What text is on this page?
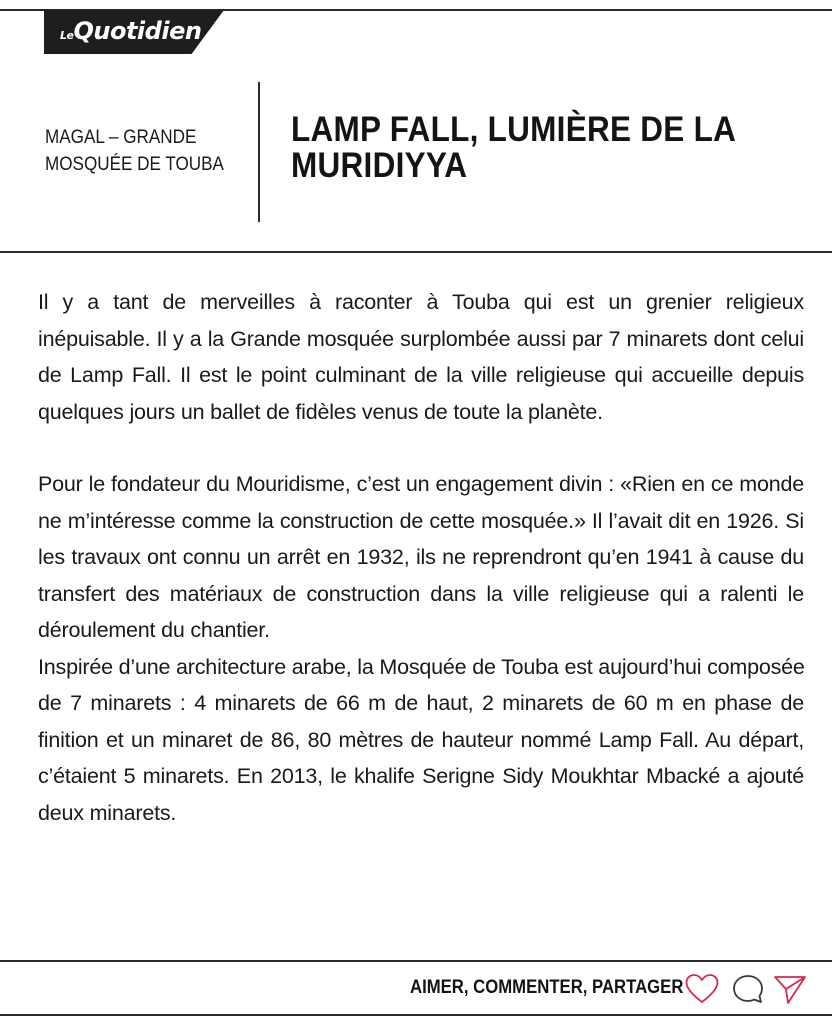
LeQuotidien
MAGAL – GRANDE
MOSQUÉE DE TOUBA
LAMP FALL, LUMIÈRE DE LA
MURIDIYYA
Il y a tant de merveilles à raconter à Touba qui est un grenier religieux
inépuisable. Il y a la Grande mosquée surplombée aussi par 7 minarets dont celui
de Lamp Fall. Il est le point culminant de la ville religieuse qui accueille depuis
quelques jours un ballet de fidèles venus de toute la planète.
Pour le fondateur du Mouridisme, c’est un engagement divin : «Rien en ce monde
ne m’intéresse comme la construction de cette mosquée.» Il l’avait dit en 1926. Si
les travaux ont connu un arrêt en 1932, ils ne reprendront qu’en 1941 à cause du
transfert des matériaux de construction dans la ville religieuse qui a ralenti le
déroulement du chantier.
Inspirée d’une architecture arabe, la Mosquée de Touba est aujourd’hui composée
de 7 minarets : 4 minarets de 66 m de haut, 2 minarets de 60 m en phase de
finition et un minaret de 86, 80 mètres de hauteur nommé Lamp Fall. Au départ,
c’étaient 5 minarets. En 2013, le khalife Serigne Sidy Moukhtar Mbacké a ajouté
deux minarets.
AIMER, COMMENTER, PARTAGER
